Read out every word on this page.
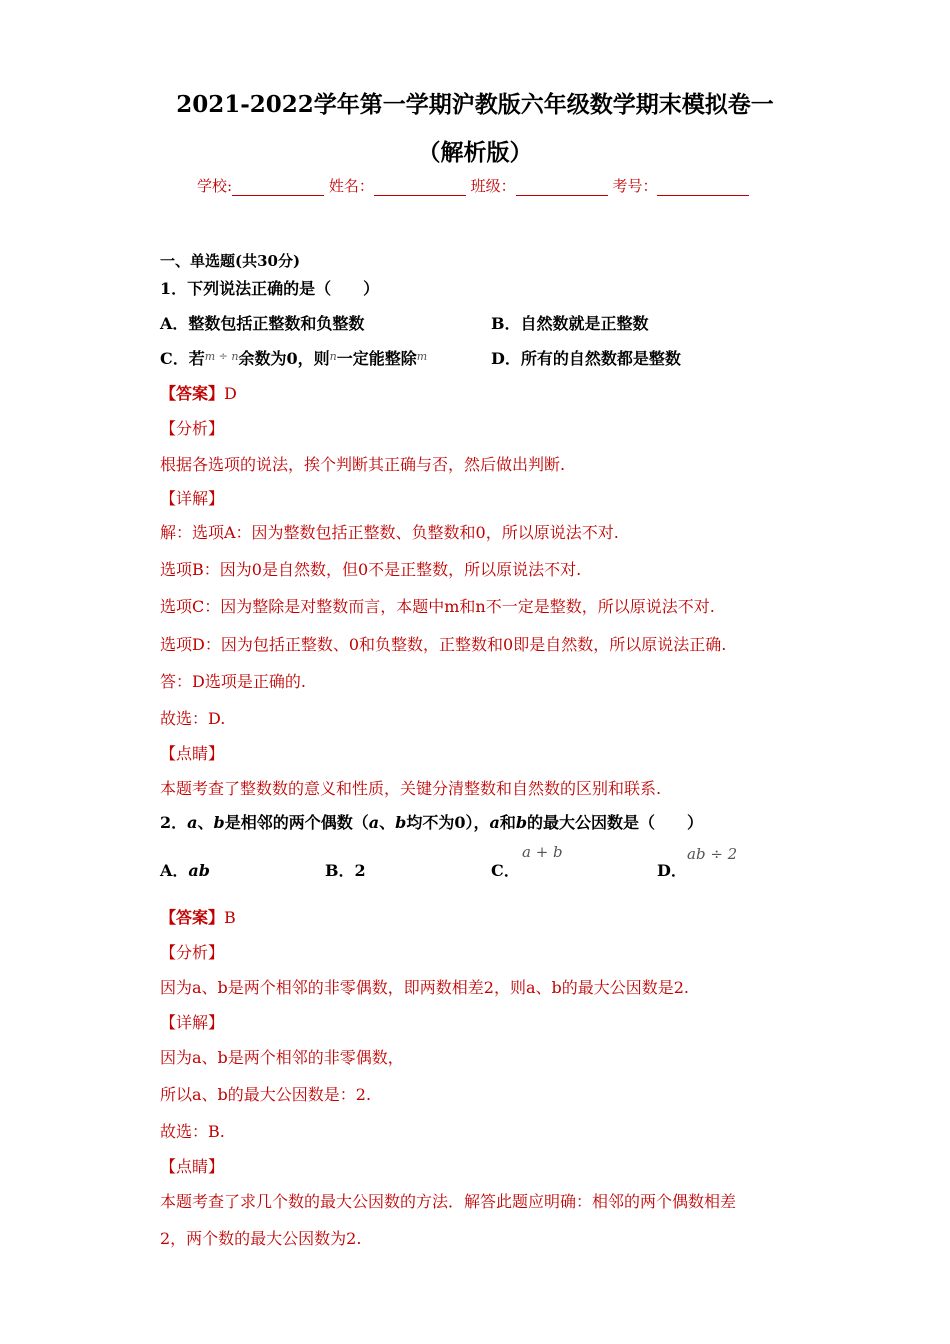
2021-2022学年第一学期沪教版六年级数学期末模拟卷一
（解析版）
学校:	姓名：	班级：	考号：
一、单选题(共30分)
1．下列说法正确的是（　　）
A．整数包括正整数和负整数	B．自然数就是正整数
C．若$^{m \div n}$余数为0，则$^n$一定能整除$^m$	D．所有的自然数都是整数
【答案】D
【分析】
根据各选项的说法，挨个判断其正确与否，然后做出判断.
【详解】
解：选项A：因为整数包括正整数、负整数和0，所以原说法不对.
选项B：因为0是自然数，但0不是正整数，所以原说法不对.
选项C：因为整除是对整数而言，本题中m和n不一定是整数，所以原说法不对.
选项D：因为包括正整数、0和负整数，正整数和0即是自然数，所以原说法正确.
答：D选项是正确的.
故选：D.
【点睛】
本题考查了整数数的意义和性质，关键分清整数和自然数的区别和联系.
2．a、b是相邻的两个偶数（a、b均不为0），a和b的最大公因数是（　　）
A．ab	B．2	C．
a + b
D．
ab ÷ 2
【答案】B
【分析】
因为a、b是两个相邻的非零偶数，即两数相差2，则a、b的最大公因数是2.
【详解】
因为a、b是两个相邻的非零偶数，
所以a、b的最大公因数是：2.
故选：B.
【点睛】
本题考查了求几个数的最大公因数的方法．解答此题应明确：相邻的两个偶数相差
2，两个数的最大公因数为2.
